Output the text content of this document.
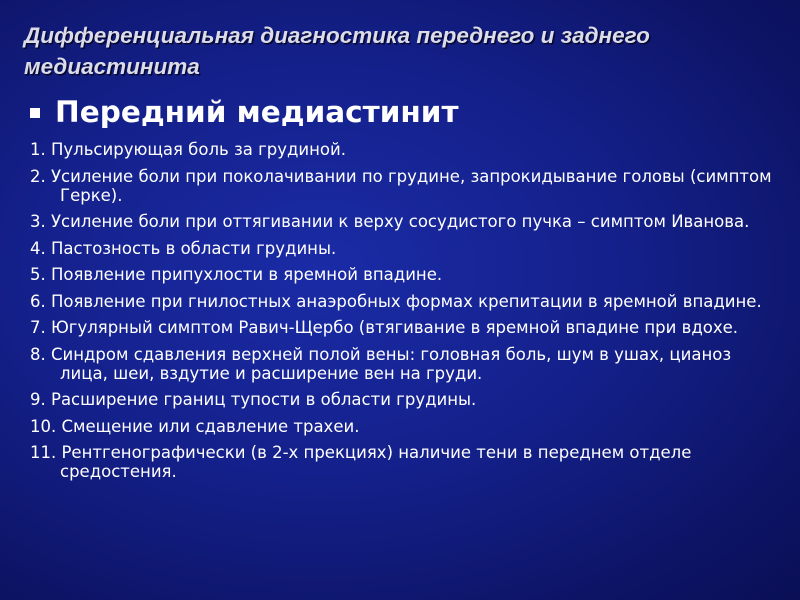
Дифференциальная диагностика переднего и заднего медиастинита
Передний медиастинит
1. Пульсирующая боль за грудиной.
2. Усиление боли при поколачивании по грудине, запрокидывание головы (симптом Герке).
3. Усиление боли при оттягивании к верху сосудистого пучка – симптом Иванова.
4. Пастозность в области грудины.
5. Появление припухлости в яремной впадине.
6. Появление при гнилостных анаэробных формах крепитации в яремной впадине.
7. Югулярный симптом Равич-Щербо (втягивание в яремной впадине при вдохе.
8. Синдром сдавления верхней полой вены: головная боль, шум в ушах, цианоз лица, шеи, вздутие и расширение вен на груди.
9. Расширение границ тупости в области грудины.
10. Смещение или сдавление трахеи.
11. Рентгенографически (в 2-х прекциях) наличие тени в переднем отделе средостения.
